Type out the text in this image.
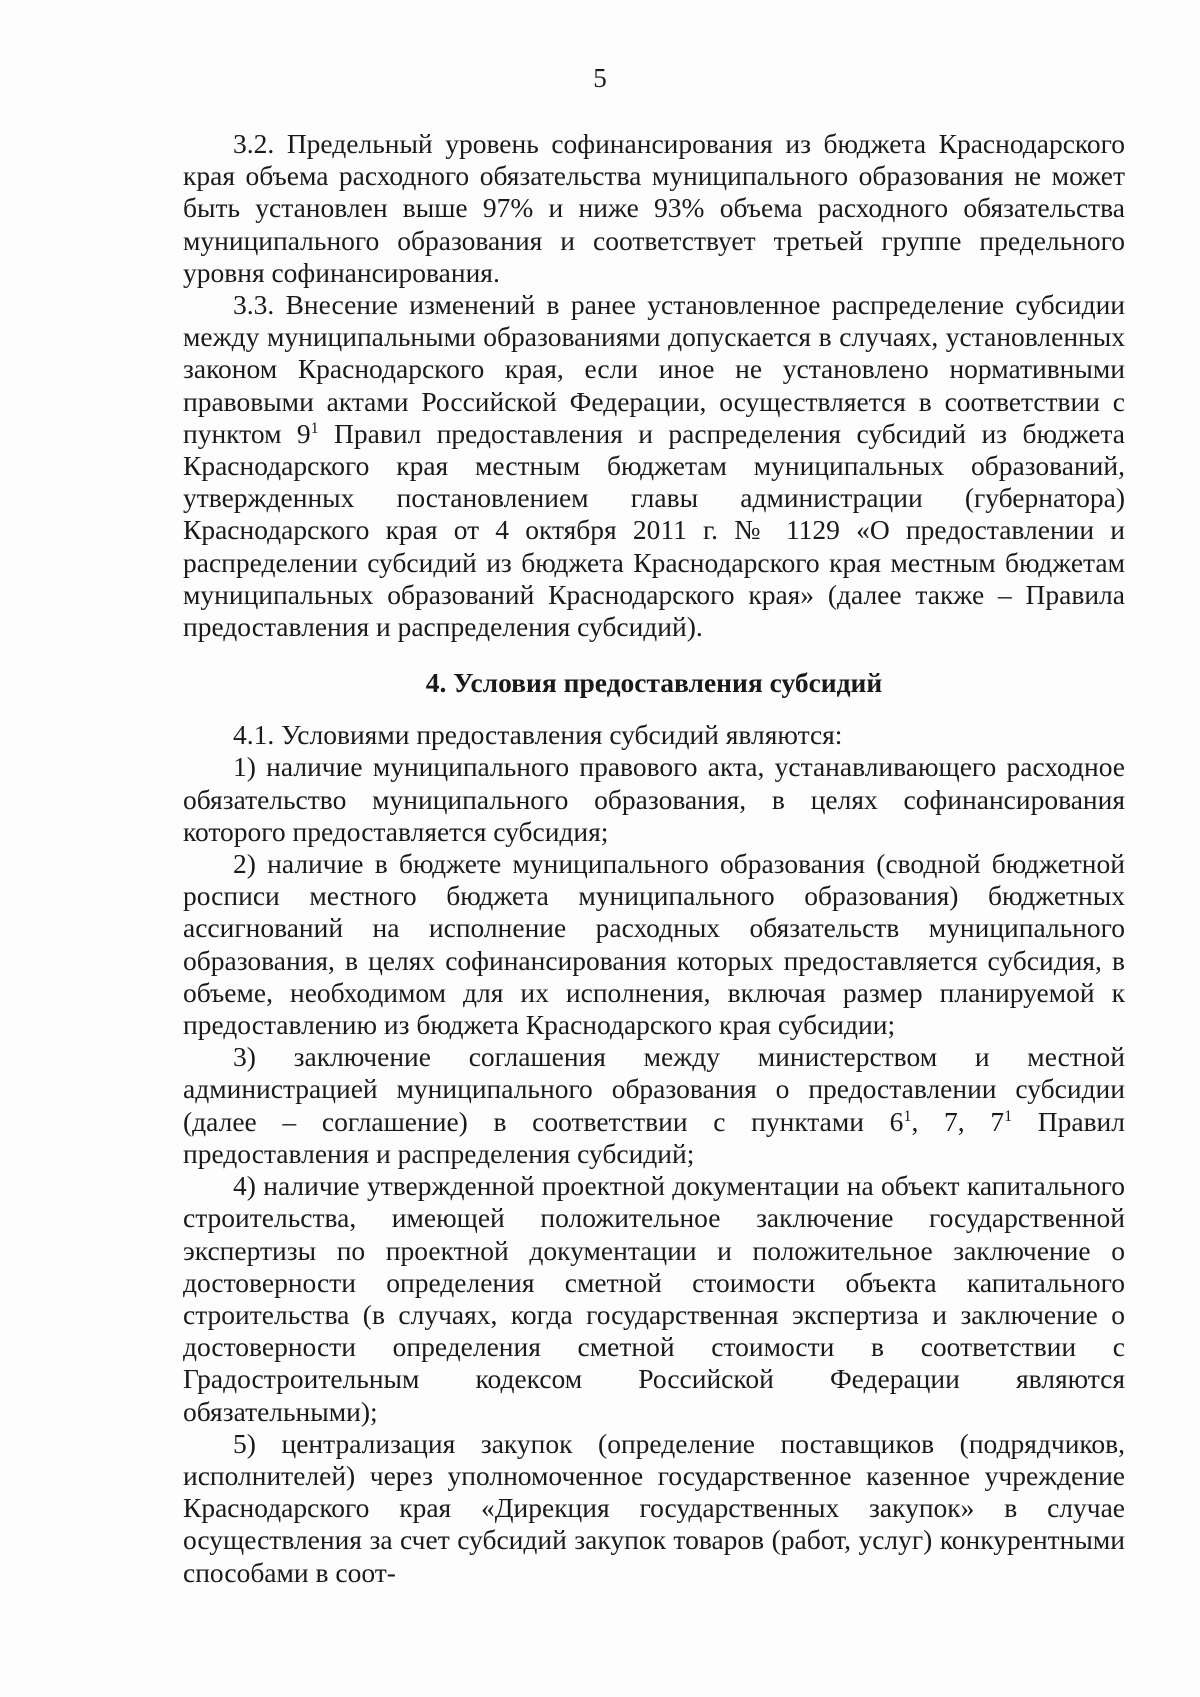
5

3.2. Предельный уровень софинансирования из бюджета Краснодарского края объема расходного обязательства муниципального образования не может быть установлен выше 97% и ниже 93% объема расходного обязательства муниципального образования и соответствует третьей группе предельного уровня софинансирования.

3.3. Внесение изменений в ранее установленное распределение субсидии между муниципальными образованиями допускается в случаях, установленных законом Краснодарского края, если иное не установлено нормативными правовыми актами Российской Федерации, осуществляется в соответствии с пунктом $9^1$ Правил предоставления и распределения субсидий из бюджета Краснодарского края местным бюджетам муниципальных образований, утвержденных постановлением главы администрации (губернатора) Краснодарского края от 4 октября 2011 г. № 1129 «О предоставлении и распределении субсидий из бюджета Краснодарского края местным бюджетам муниципальных образований Краснодарского края» (далее также – Правила предоставления и распределения субсидий).

4. Условия предоставления субсидий

4.1. Условиями предоставления субсидий являются:

1) наличие муниципального правового акта, устанавливающего расходное обязательство муниципального образования, в целях софинансирования которого предоставляется субсидия;

2) наличие в бюджете муниципального образования (сводной бюджетной росписи местного бюджета муниципального образования) бюджетных ассигнований на исполнение расходных обязательств муниципального образования, в целях софинансирования которых предоставляется субсидия, в объеме, необходимом для их исполнения, включая размер планируемой к предоставлению из бюджета Краснодарского края субсидии;

3) заключение соглашения между министерством и местной администрацией муниципального образования о предоставлении субсидии (далее – соглашение) в соответствии с пунктами $6^1$, 7, $7^1$ Правил предоставления и распределения субсидий;

4) наличие утвержденной проектной документации на объект капитального строительства, имеющей положительное заключение государственной экспертизы по проектной документации и положительное заключение о достоверности определения сметной стоимости объекта капитального строительства (в случаях, когда государственная экспертиза и заключение о достоверности определения сметной стоимости в соответствии с Градостроительным кодексом Российской Федерации являются обязательными);

5) централизация закупок (определение поставщиков (подрядчиков, исполнителей) через уполномоченное государственное казенное учреждение Краснодарского края «Дирекция государственных закупок» в случае осуществления за счет субсидий закупок товаров (работ, услуг) конкурентными способами в соот-
